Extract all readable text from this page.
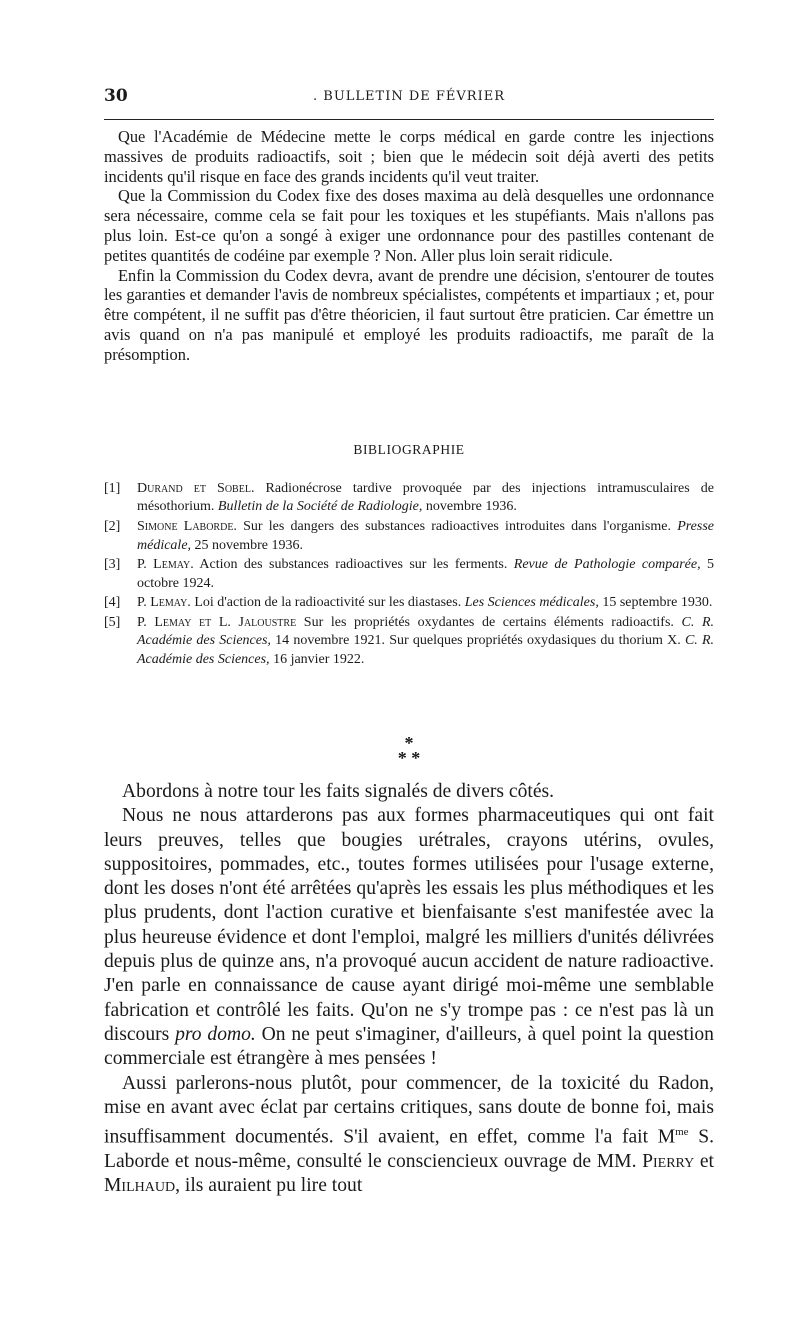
30	. BULLETIN DE FÉVRIER

Que l'Académie de Médecine mette le corps médical en garde contre les injections massives de produits radioactifs, soit ; bien que le médecin soit déjà averti des petits incidents qu'il risque en face des grands incidents qu'il veut traiter.

Que la Commission du Codex fixe des doses maxima au delà desquelles une ordonnance sera nécessaire, comme cela se fait pour les toxiques et les stupéfiants. Mais n'allons pas plus loin. Est-ce qu'on a songé à exiger une ordonnance pour des pastilles contenant de petites quantités de codéine par exemple ? Non. Aller plus loin serait ridicule.

Enfin la Commission du Codex devra, avant de prendre une décision, s'entourer de toutes les garanties et demander l'avis de nombreux spécialistes, compétents et impartiaux ; et, pour être compétent, il ne suffit pas d'être théoricien, il faut surtout être praticien. Car émettre un avis quand on n'a pas manipulé et employé les produits radioactifs, me paraît de la présomption.

BIBLIOGRAPHIE
[1] Durand et Sobel. Radionécrose tardive provoquée par des injections intramusculaires de mésothorium. Bulletin de la Société de Radiologie, novembre 1936.
[2] Simone Laborde. Sur les dangers des substances radioactives introduites dans l'organisme. Presse médicale, 25 novembre 1936.
[3] P. Lemay. Action des substances radioactives sur les ferments. Revue de Pathologie comparée, 5 octobre 1924.
[4] P. Lemay. Loi d'action de la radioactivité sur les diastases. Les Sciences médicales, 15 septembre 1930.
[5] P. Lemay et L. Jaloustre Sur les propriétés oxydantes de certains éléments radioactifs. C. R. Académie des Sciences, 14 novembre 1921. Sur quelques propriétés oxydasiques du thorium X. C. R. Académie des Sciences, 16 janvier 1922.
*
* *

Abordons à notre tour les faits signalés de divers côtés.

Nous ne nous attarderons pas aux formes pharmaceutiques qui ont fait leurs preuves, telles que bougies urétrales, crayons utérins, ovules, suppositoires, pommades, etc., toutes formes utilisées pour l'usage externe, dont les doses n'ont été arrêtées qu'après les essais les plus méthodiques et les plus prudents, dont l'action curative et bienfaisante s'est manifestée avec la plus heureuse évidence et dont l'emploi, malgré les milliers d'unités délivrées depuis plus de quinze ans, n'a provoqué aucun accident de nature radioactive. J'en parle en connaissance de cause ayant dirigé moi-même une semblable fabrication et contrôlé les faits. Qu'on ne s'y trompe pas : ce n'est pas là un discours pro domo. On ne peut s'imaginer, d'ailleurs, à quel point la question commerciale est étrangère à mes pensées !

Aussi parlerons-nous plutôt, pour commencer, de la toxicité du Radon, mise en avant avec éclat par certains critiques, sans doute de bonne foi, mais insuffisamment documentés. S'il avaient, en effet, comme l'a fait $M^{me}$ S. Laborde et nous-même, consulté le consciencieux ouvrage de MM. Pierry et Milhaud, ils auraient pu lire tout
